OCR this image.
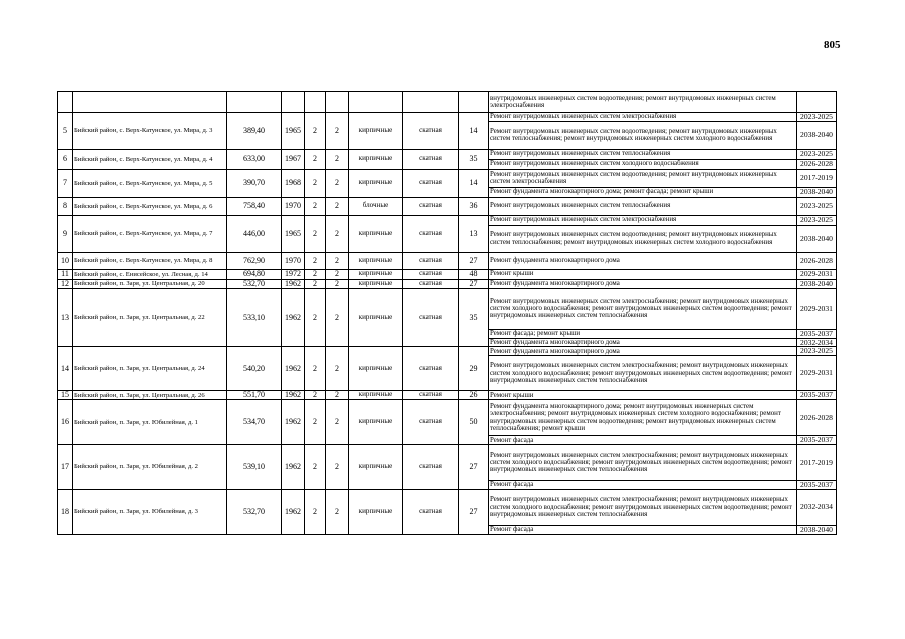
805
									внутридомовых инженерных систем водоотведения; ремонт внутридомовых инженерных систем электроснабжения	
5	Бийский район, с. Верх-Катунское, ул. Мира, д. 3	389,40	1965	2	2	кирпичные	скатная	14	Ремонт внутридомовых инженерных систем электроснабжения	2023-2025
									Ремонт внутридомовых инженерных систем водоотведения; ремонт внутридомовых инженерных систем теплоснабжения; ремонт внутридомовых инженерных систем холодного водоснабжения	2038-2040
6	Бийский район, с. Верх-Катунское, ул. Мира, д. 4	633,00	1967	2	2	кирпичные	скатная	35	Ремонт внутридомовых инженерных систем теплоснабжения	2023-2025
									Ремонт внутридомовых инженерных систем холодного водоснабжения	2026-2028
7	Бийский район, с. Верх-Катунское, ул. Мира, д. 5	390,70	1968	2	2	кирпичные	скатная	14	Ремонт внутридомовых инженерных систем водоотведения; ремонт внутридомовых инженерных систем электроснабжения	2017-2019
									Ремонт фундамента многоквартирного дома; ремонт фасада; ремонт крыши	2038-2040
8	Бийский район, с. Верх-Катунское, ул. Мира, д. 6	758,40	1970	2	2	блочные	скатная	36	Ремонт внутридомовых инженерных систем теплоснабжения	2023-2025
9	Бийский район, с. Верх-Катунское, ул. Мира, д. 7	446,00	1965	2	2	кирпичные	скатная	13	Ремонт внутридомовых инженерных систем электроснабжения	2023-2025
									Ремонт внутридомовых инженерных систем водоотведения; ремонт внутридомовых инженерных систем теплоснабжения; ремонт внутридомовых инженерных систем холодного водоснабжения	2038-2040
10	Бийский район, с. Верх-Катунское, ул. Мира, д. 8	762,90	1970	2	2	кирпичные	скатная	27	Ремонт фундамента многоквартирного дома	2026-2028
11	Бийский район, с. Енисейское, ул. Лесная, д. 14	694,80	1972	2	2	кирпичные	скатная	48	Ремонт крыши	2029-2031
12	Бийский район, п. Заря, ул. Центральная, д. 20	532,70	1962	2	2	кирпичные	скатная	27	Ремонт фундамента многоквартирного дома	2038-2040
13	Бийский район, п. Заря, ул. Центральная, д. 22	533,10	1962	2	2	кирпичные	скатная	35	Ремонт внутридомовых инженерных систем электроснабжения; ремонт внутридомовых инженерных систем холодного водоснабжения; ремонт внутридомовых инженерных систем водоотведения; ремонт внутридомовых инженерных систем теплоснабжения	2029-2031
									Ремонт фасада; ремонт крыши	2035-2037
									Ремонт фундамента многоквартирного дома	2032-2034
14	Бийский район, п. Заря, ул. Центральная, д. 24	540,20	1962	2	2	кирпичные	скатная	29	Ремонт фундамента многоквартирного дома	2023-2025
									Ремонт внутридомовых инженерных систем электроснабжения; ремонт внутридомовых инженерных систем холодного водоснабжения; ремонт внутридомовых инженерных систем водоотведения; ремонт внутридомовых инженерных систем теплоснабжения	2029-2031
15	Бийский район, п. Заря, ул. Центральная, д. 26	551,70	1962	2	2	кирпичные	скатная	26	Ремонт крыши	2035-2037
16	Бийский район, п. Заря, ул. Юбилейная, д. 1	534,70	1962	2	2	кирпичные	скатная	50	Ремонт фундамента многоквартирного дома; ремонт внутридомовых инженерных систем электроснабжения; ремонт внутридомовых инженерных систем холодного водоснабжения; ремонт внутридомовых инженерных систем водоотведения; ремонт внутридомовых инженерных систем теплоснабжения; ремонт крыши	2026-2028
									Ремонт фасада	2035-2037
17	Бийский район, п. Заря, ул. Юбилейная, д. 2	539,10	1962	2	2	кирпичные	скатная	27	Ремонт внутридомовых инженерных систем электроснабжения; ремонт внутридомовых инженерных систем холодного водоснабжения; ремонт внутридомовых инженерных систем водоотведения; ремонт внутридомовых инженерных систем теплоснабжения	2017-2019
									Ремонт фасада	2035-2037
18	Бийский район, п. Заря, ул. Юбилейная, д. 3	532,70	1962	2	2	кирпичные	скатная	27	Ремонт внутридомовых инженерных систем электроснабжения; ремонт внутридомовых инженерных систем холодного водоснабжения; ремонт внутридомовых инженерных систем водоотведения; ремонт внутридомовых инженерных систем теплоснабжения	2032-2034
									Ремонт фасада	2038-2040
